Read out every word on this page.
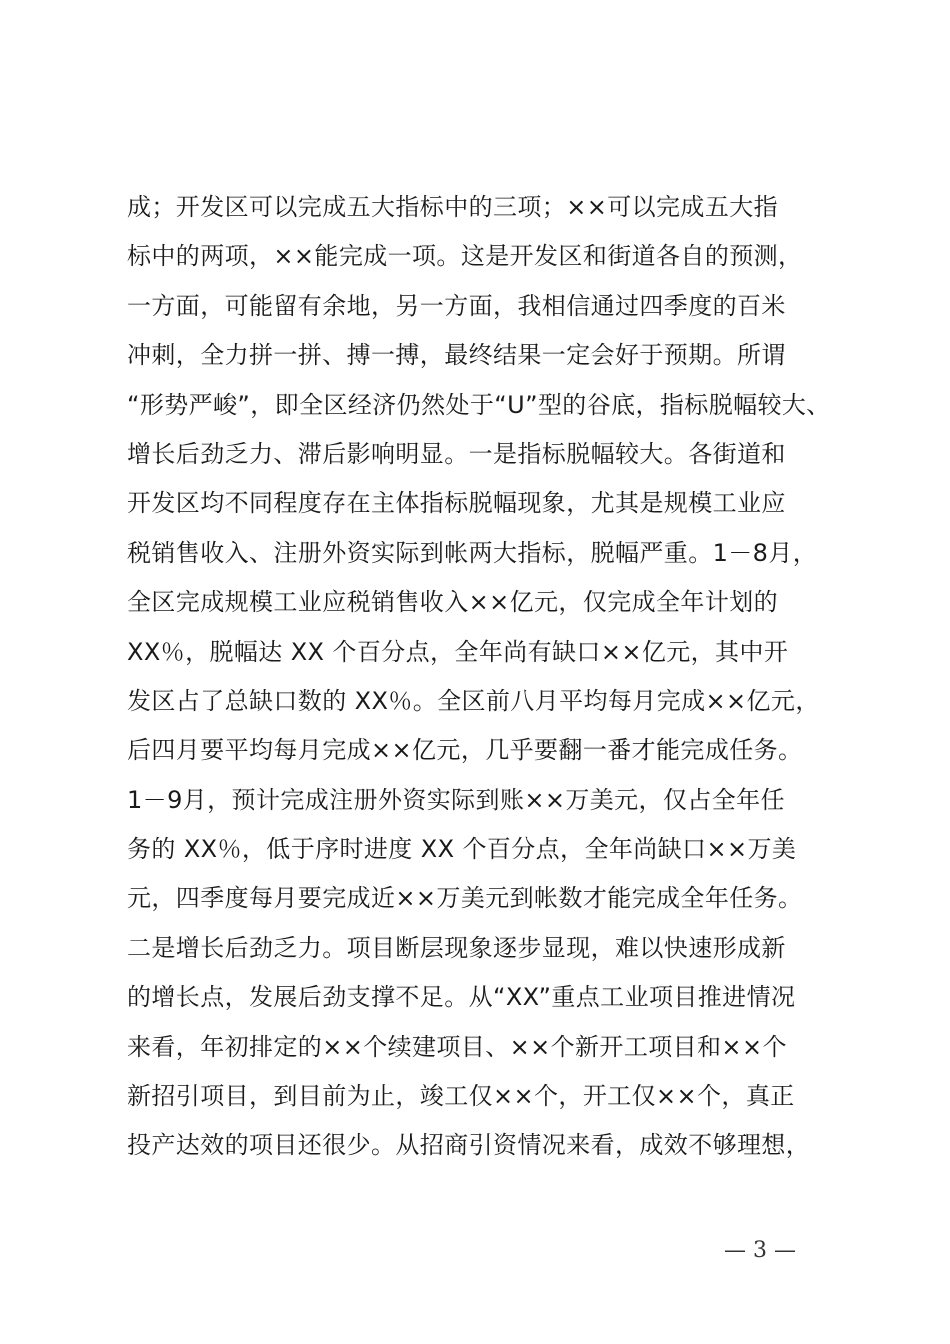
成；开发区可以完成五大指标中的三项；××可以完成五大指
标中的两项，××能完成一项。这是开发区和街道各自的预测，
一方面，可能留有余地，另一方面，我相信通过四季度的百米
冲刺，全力拼一拼、搏一搏，最终结果一定会好于预期。所谓
“形势严峻”，即全区经济仍然处于“U”型的谷底，指标脱幅较大、
增长后劲乏力、滞后影响明显。一是指标脱幅较大。各街道和
开发区均不同程度存在主体指标脱幅现象，尤其是规模工业应
税销售收入、注册外资实际到帐两大指标，脱幅严重。1－8月，
全区完成规模工业应税销售收入××亿元，仅完成全年计划的
XX％，脱幅达 XX 个百分点，全年尚有缺口××亿元，其中开
发区占了总缺口数的 XX％。全区前八月平均每月完成××亿元，
后四月要平均每月完成××亿元，几乎要翻一番才能完成任务。
1－9月，预计完成注册外资实际到账××万美元，仅占全年任
务的 XX％，低于序时进度 XX 个百分点，全年尚缺口××万美
元，四季度每月要完成近××万美元到帐数才能完成全年任务。
二是增长后劲乏力。项目断层现象逐步显现，难以快速形成新
的增长点，发展后劲支撑不足。从“XX”重点工业项目推进情况
来看，年初排定的××个续建项目、××个新开工项目和××个
新招引项目，到目前为止，竣工仅××个，开工仅××个，真正
投产达效的项目还很少。从招商引资情况来看，成效不够理想，
— 3 —
